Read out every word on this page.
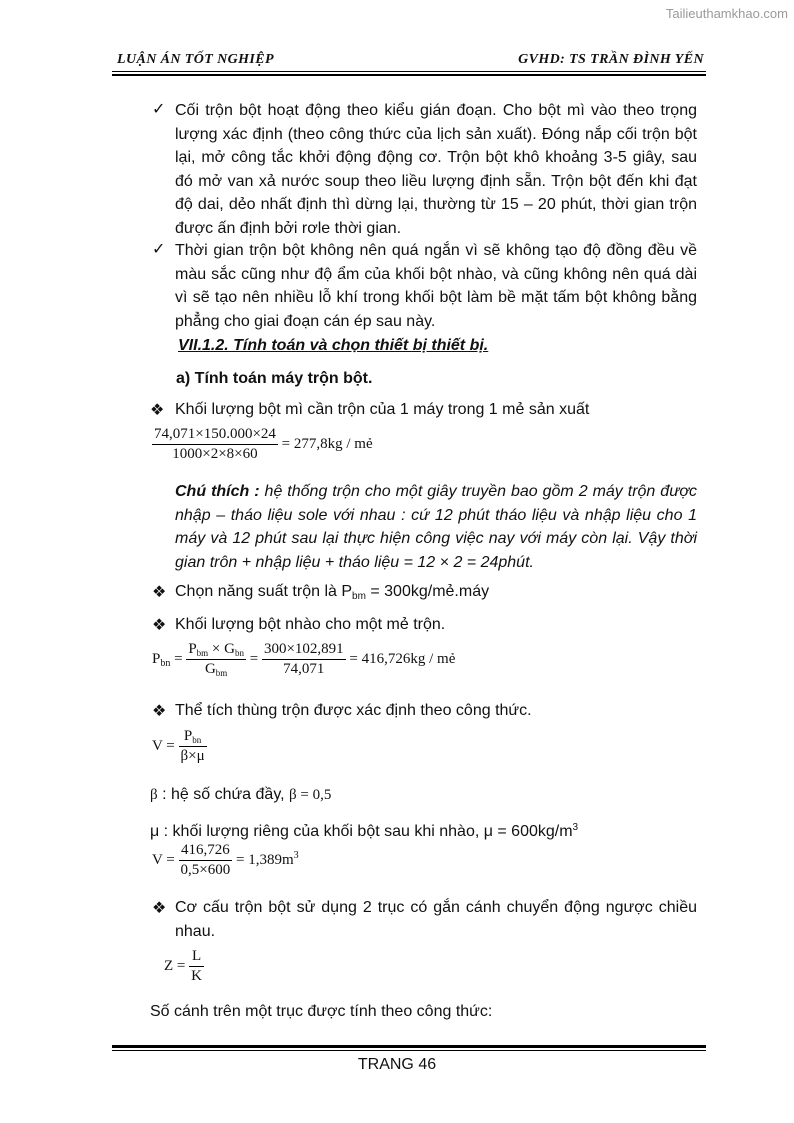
Tailieuthamkhao.com
LUẬN ÁN TỐT NGHIỆP	GVHD: TS TRẦN ĐÌNH YẾN
✓ Cối trộn bột hoạt động theo kiểu gián đoạn. Cho bột mì vào theo trọng lượng xác định (theo công thức của lịch sản xuất). Đóng nắp cối trộn bột lại, mở công tắc khởi động động cơ. Trộn bột khô khoảng 3-5 giây, sau đó mở van xả nước soup theo liều lượng định sẵn. Trộn bột đến khi đạt độ dai, dẻo nhất định thì dừng lại, thường từ 15 – 20 phút, thời gian trộn được ấn định bởi rơle thời gian.
✓ Thời gian trộn bột không nên quá ngắn vì sẽ không tạo độ đồng đều về màu sắc cũng như độ ẩm của khối bột nhào, và cũng không nên quá dài vì sẽ tạo nên nhiều lỗ khí trong khối bột làm bề mặt tấm bột không bằng phẳng cho giai đoạn cán ép sau này.
VII.1.2. Tính toán và chọn thiết bị thiết bị.
a) Tính toán máy trộn bột.
❖ Khối lượng bột mì cần trộn của 1 máy trong 1 mẻ sản xuất
$\frac{74,071\times 150.000\times 24}{1000\times 2\times 8\times 60} = 277,8kg$ / mẻ
Chú thích : hệ thống trộn cho một giây truyền bao gồm 2 máy trộn được nhập – tháo liệu sole với nhau : cứ 12 phút tháo liệu và nhập liệu cho 1 máy và 12 phút sau lại thực hiện công việc nay với máy còn lại. Vậy thời gian trôn + nhập liệu + tháo liệu = 12 × 2 = 24phút.
❖ Chọn năng suất trộn là $P_{bm}$ = 300kg/mẻ.máy
❖ Khối lượng bột nhào cho một mẻ trộn.
$P_{bn} = \frac{P_{bm} \times G_{bn}}{G_{bm}} = \frac{300\times 102,891}{74,071} = 416,726kg$ / mẻ
❖ Thể tích thùng trộn được xác định theo công thức.
$V = \frac{P_{bn}}{\beta\times\mu}$
β : hệ số chứa đầy, β = 0,5
μ : khối lượng riêng của khối bột sau khi nhào, $\mu = 600kg/m^3$
$V = \frac{416,726}{0,5\times 600} = 1,389m^3$
❖ Cơ cấu trộn bột sử dụng 2 trục có gắn cánh chuyển động ngược chiều nhau.
$Z = \frac{L}{K}$
Số cánh trên một trục được tính theo công thức:
TRANG 46
